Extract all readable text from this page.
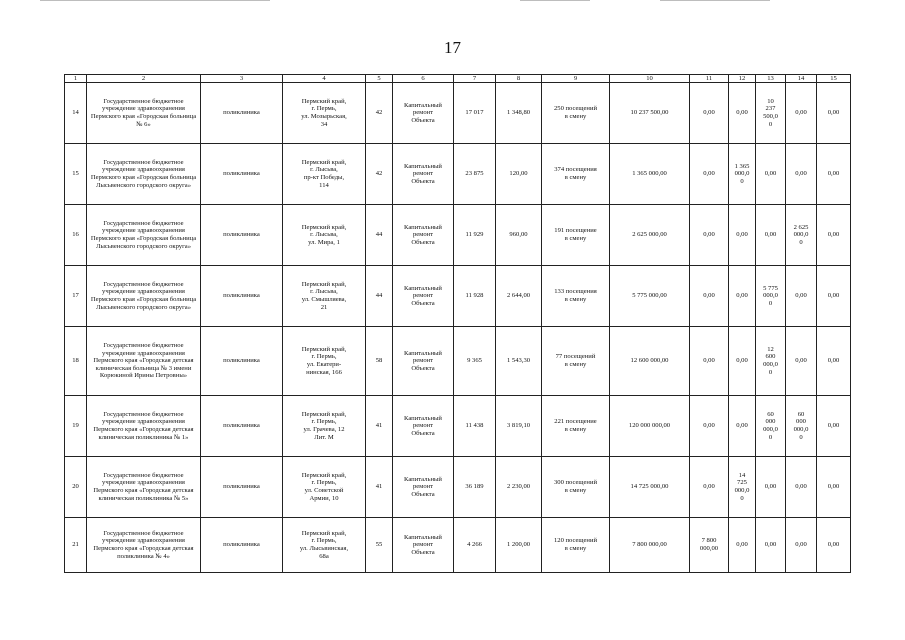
17
1	2	3	4	5	6	7	8	9	10	11	12	13	14	15
14	Государственное бюджетное учреждение здравоохранения Пермского края «Городская больница № 6»	поликлиника	Пермский край,
г. Пермь,
ул. Мозырьская,
34	42	Капитальный
ремонт
Объекта	17 017	1 348,80	250 посещений
в смену	10 237 500,00	0,00	0,00	10
237
500,0
0	0,00	0,00
15	Государственное бюджетное учреждение здравоохранения Пермского края «Городская больница Лысьвенского городского округа»	поликлиника	Пермский край,
г. Лысьва,
пр-кт Победы,
114	42	Капитальный
ремонт
Объекта	23 875	120,00	374 посещения
в смену	1 365 000,00	0,00	1 365
000,0
0	0,00	0,00	0,00
16	Государственное бюджетное учреждение здравоохранения Пермского края «Городская больница Лысьвенского городского округа»	поликлиника	Пермский край,
г. Лысьва,
ул. Мира, 1	44	Капитальный
ремонт
Объекта	11 929	960,00	191 посещение
в смену	2 625 000,00	0,00	0,00	0,00	2 625
000,0
0	0,00
17	Государственное бюджетное учреждение здравоохранения Пермского края «Городская больница Лысьвенского городского округа»	поликлиника	Пермский край,
г. Лысьва,
ул. Смышляева,
21	44	Капитальный
ремонт
Объекта	11 928	2 644,00	133 посещения
в смену	5 775 000,00	0,00	0,00	5 775
000,0
0	0,00	0,00
18	Государственное бюджетное учреждение здравоохранения Пермского края «Городская детская клиническая больница № 3 имени Корюкиной Ирины Петровны»	поликлиника	Пермский край,
г. Пермь,
ул. Екатери-
нинская, 166	58	Капитальный
ремонт
Объекта	9 365	1 543,30	77 посещений
в смену	12 600 000,00	0,00	0,00	12
600
000,0
0	0,00	0,00
19	Государственное бюджетное учреждение здравоохранения Пермского края «Городская детская клиническая поликлиника № 1»	поликлиника	Пермский край,
г. Пермь,
ул. Грачева, 12
Лит. М	41	Капитальный
ремонт
Объекта	11 438	3 819,10	221 посещение
в смену	120 000 000,00	0,00	0,00	60
000
000,0
0	60
000
000,0
0	0,00
20	Государственное бюджетное учреждение здравоохранения Пермского края «Городская детская клиническая поликлиника № 5»	поликлиника	Пермский край,
г. Пермь,
ул. Советской
Армии, 10	41	Капитальный
ремонт
Объекта	36 189	2 230,00	300 посещений
в смену	14 725 000,00	0,00	14
725
000,0
0	0,00	0,00	0,00
21	Государственное бюджетное учреждение здравоохранения Пермского края «Городская детская поликлиника № 4»	поликлиника	Пермский край,
г. Пермь,
ул. Лысьвинская,
68а	55	Капитальный
ремонт
Объекта	4 266	1 200,00	120 посещений
в смену	7 800 000,00	7 800
000,00	0,00	0,00	0,00	0,00
